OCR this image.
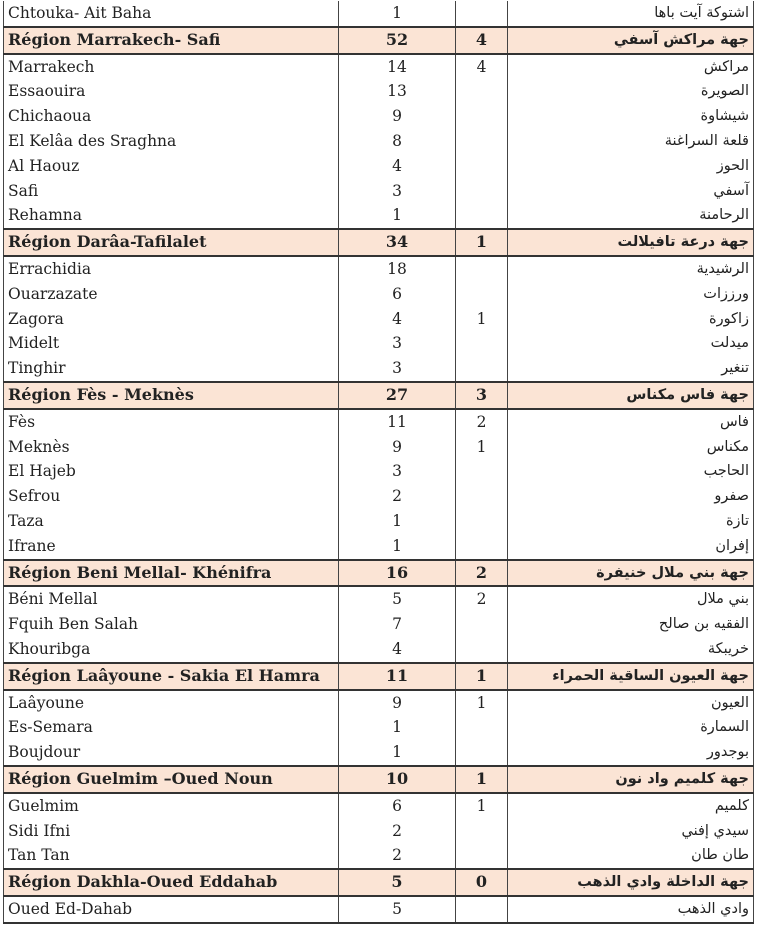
Chtouka- Ait Baha	1		اشتوكة آيت باها
Région Marrakech- Safi	52	4	جهة مراكش آسفي
Marrakech	14	4	مراكش
Essaouira	13		الصويرة
Chichaoua	9		شيشاوة
El Kelâa des Sraghna	8		قلعة السراغنة
Al Haouz	4		الحوز
Safi	3		آسفي
Rehamna	1		الرحامنة
Région Darâa-Tafilalet	34	1	جهة درعة تافيلالت
Errachidia	18		الرشيدية
Ouarzazate	6		ورززات
Zagora	4	1	زاكورة
Midelt	3		ميدلت
Tinghir	3		تنغير
Région Fès - Meknès	27	3	جهة فاس مكناس
Fès	11	2	فاس
Meknès	9	1	مكناس
El Hajeb	3		الحاجب
Sefrou	2		صفرو
Taza	1		تازة
Ifrane	1		إفران
Région Beni Mellal- Khénifra	16	2	جهة بني ملال خنيفرة
Béni Mellal	5	2	بني ملال
Fquih Ben Salah	7		الفقيه بن صالح
Khouribga	4		خريبكة
Région Laâyoune - Sakia El Hamra	11	1	جهة العيون الساقية الحمراء
Laâyoune	9	1	العيون
Es-Semara	1		السمارة
Boujdour	1		بوجدور
Région Guelmim –Oued Noun	10	1	جهة كلميم واد نون
Guelmim	6	1	كلميم
Sidi Ifni	2		سيدي إفني
Tan Tan	2		طان طان
Région Dakhla-Oued Eddahab	5	0	جهة الداخلة وادي الذهب
Oued Ed-Dahab	5		وادي الذهب
